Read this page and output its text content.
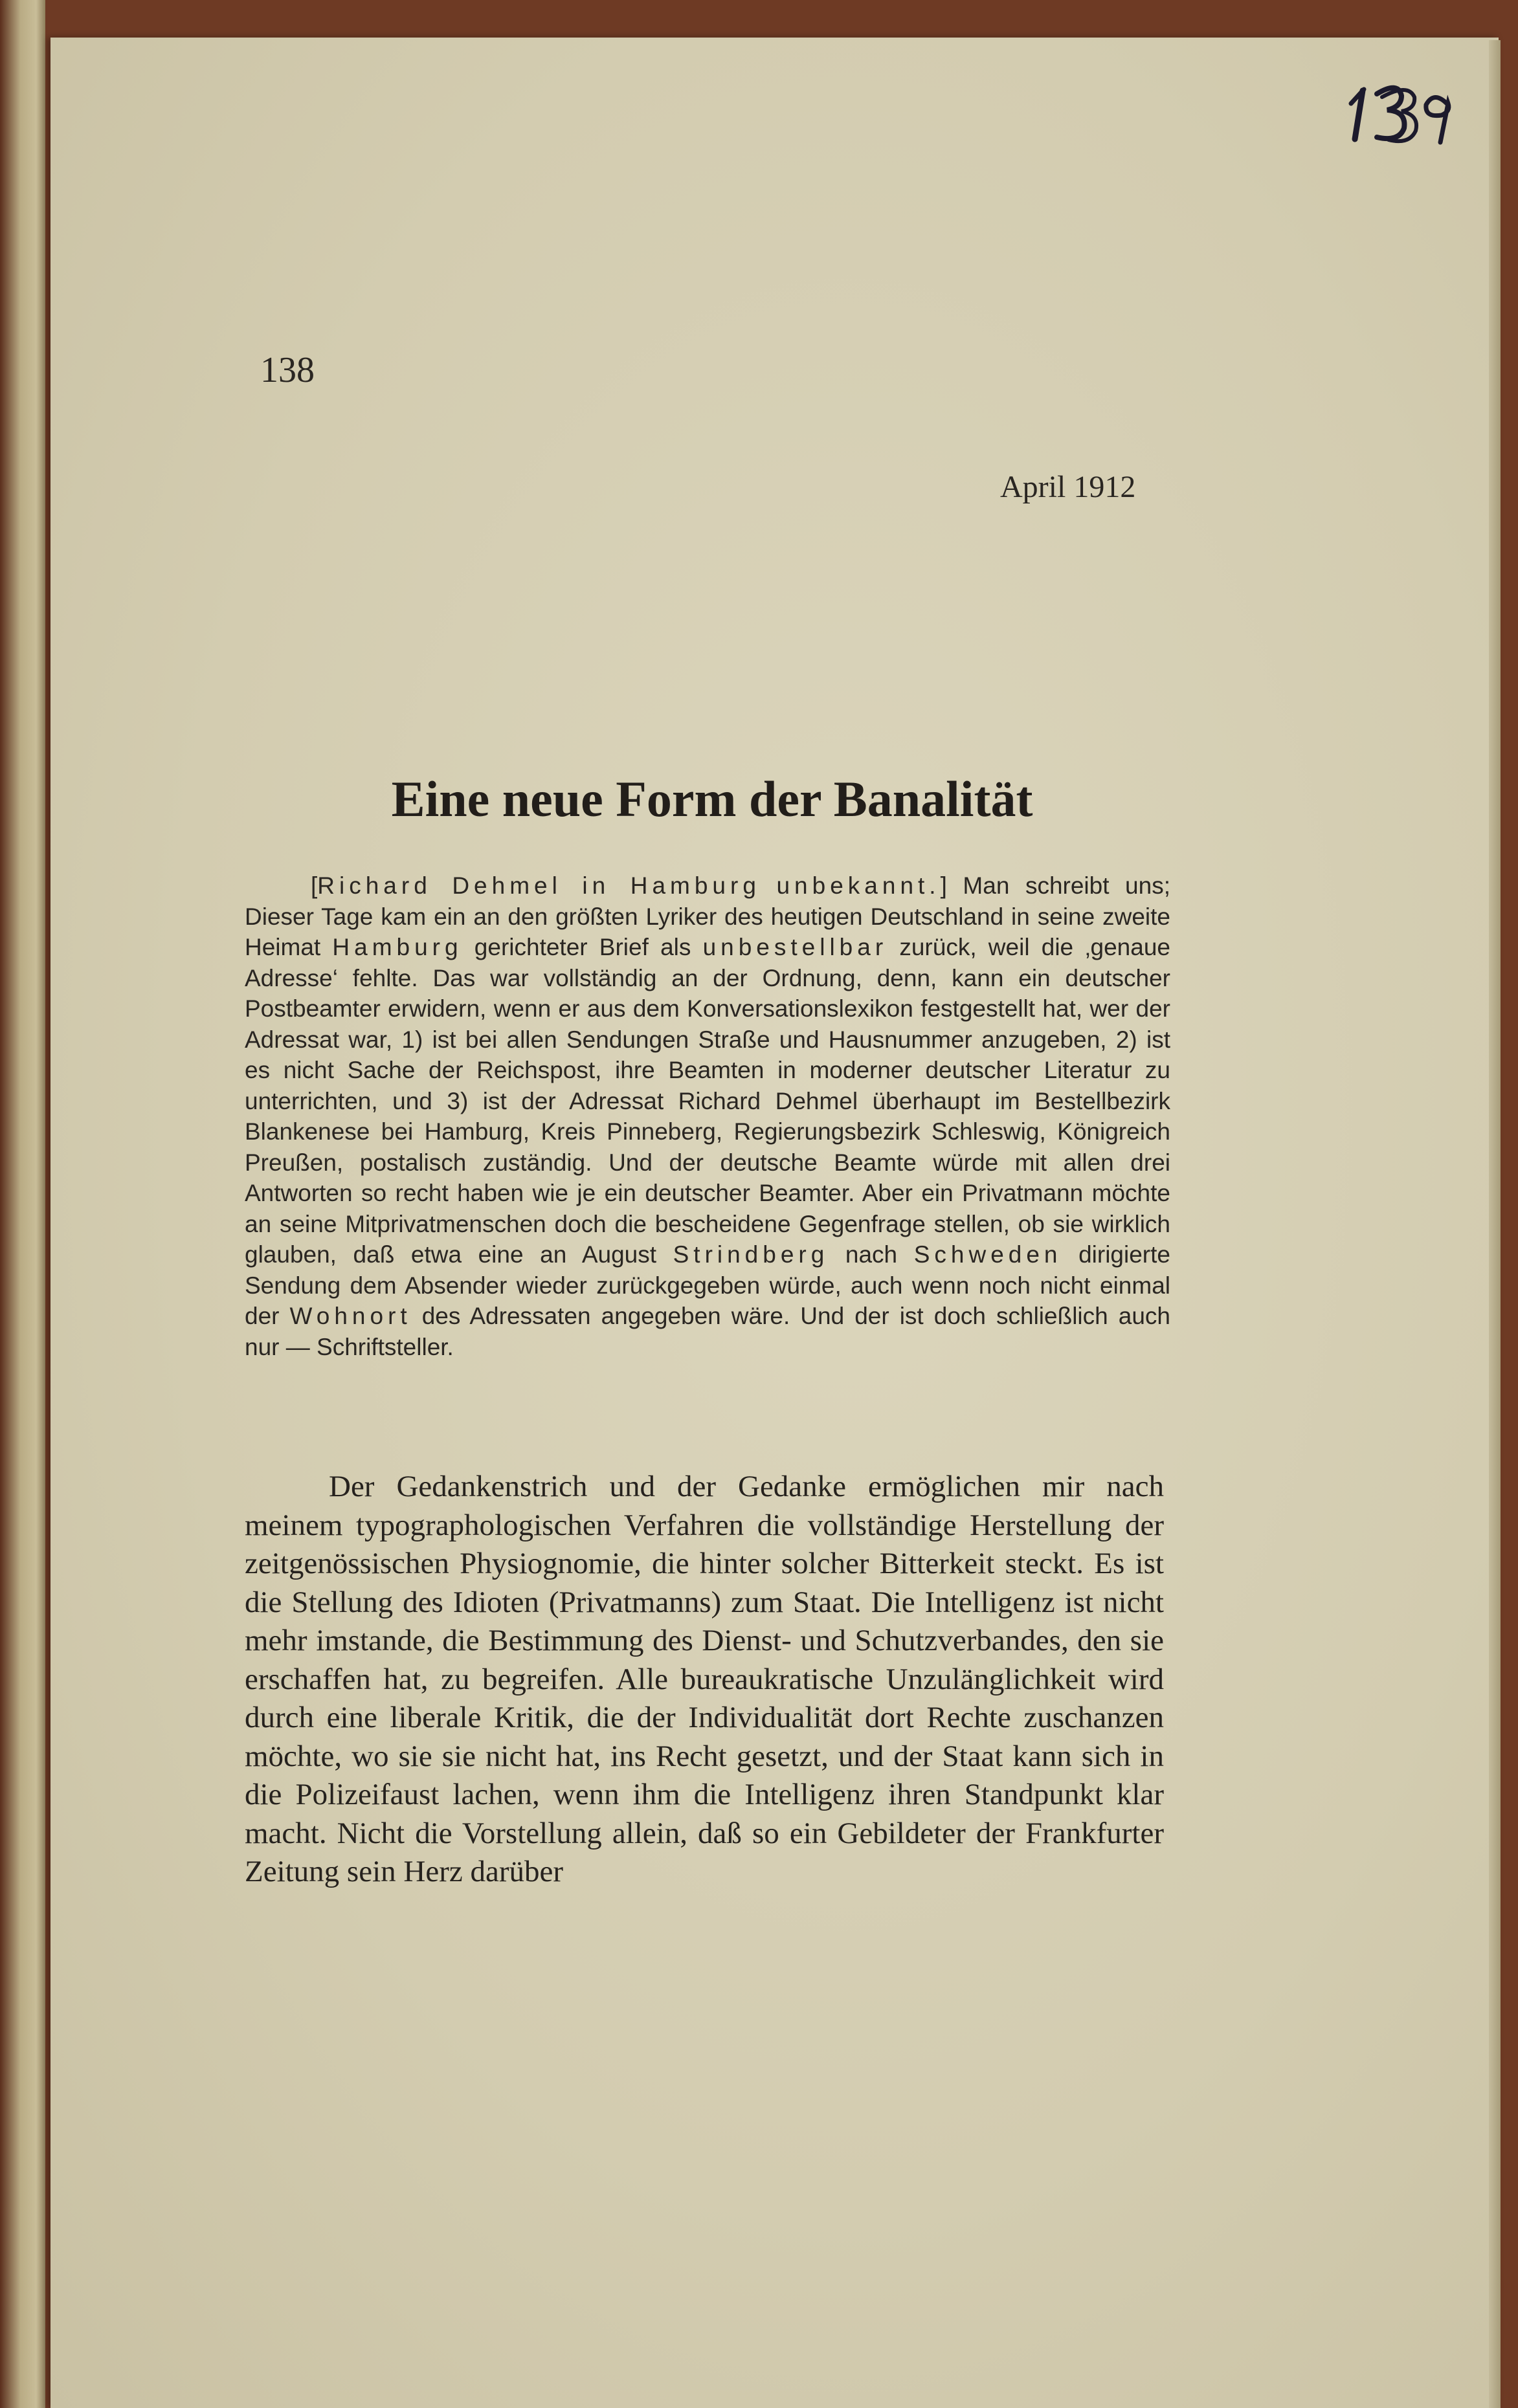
138
April 1912
Eine neue Form der Banalität

[Richard Dehmel in Hamburg unbekannt.] Man schreibt uns; Dieser Tage kam ein an den größten Lyriker des heutigen Deutschland in seine zweite Heimat Hamburg gerichteter Brief als unbestellbar zurück, weil die ‚genaue Adresse‘ fehlte. Das war vollständig an der Ordnung, denn, kann ein deutscher Postbeamter erwidern, wenn er aus dem Konversationslexikon festgestellt hat, wer der Adressat war, 1) ist bei allen Sendungen Straße und Hausnummer anzugeben, 2) ist es nicht Sache der Reichspost, ihre Beamten in moderner deutscher Literatur zu unterrichten, und 3) ist der Adressat Richard Dehmel überhaupt im Bestellbezirk Blankenese bei Hamburg, Kreis Pinneberg, Regierungsbezirk Schleswig, Königreich Preußen, postalisch zuständig. Und der deutsche Beamte würde mit allen drei Antworten so recht haben wie je ein deutscher Beamter. Aber ein Privatmann möchte an seine Mitprivatmenschen doch die bescheidene Gegenfrage stellen, ob sie wirklich glauben, daß etwa eine an August Strindberg nach Schweden dirigierte Sendung dem Absender wieder zurückgegeben würde, auch wenn noch nicht einmal der Wohnort des Adressaten angegeben wäre. Und der ist doch schließlich auch nur — Schriftsteller.

Der Gedankenstrich und der Gedanke ermöglichen mir nach meinem typographologischen Verfahren die vollständige Herstellung der zeitgenössischen Physiognomie, die hinter solcher Bitterkeit steckt. Es ist die Stellung des Idioten (Privatmanns) zum Staat. Die Intelligenz ist nicht mehr imstande, die Bestimmung des Dienst- und Schutzverbandes, den sie erschaffen hat, zu begreifen. Alle bureaukratische Unzulänglichkeit wird durch eine liberale Kritik, die der Individualität dort Rechte zuschanzen möchte, wo sie sie nicht hat, ins Recht gesetzt, und der Staat kann sich in die Polizeifaust lachen, wenn ihm die Intelligenz ihren Standpunkt klar macht. Nicht die Vorstellung allein, daß so ein Gebildeter der Frankfurter Zeitung sein Herz darüber
